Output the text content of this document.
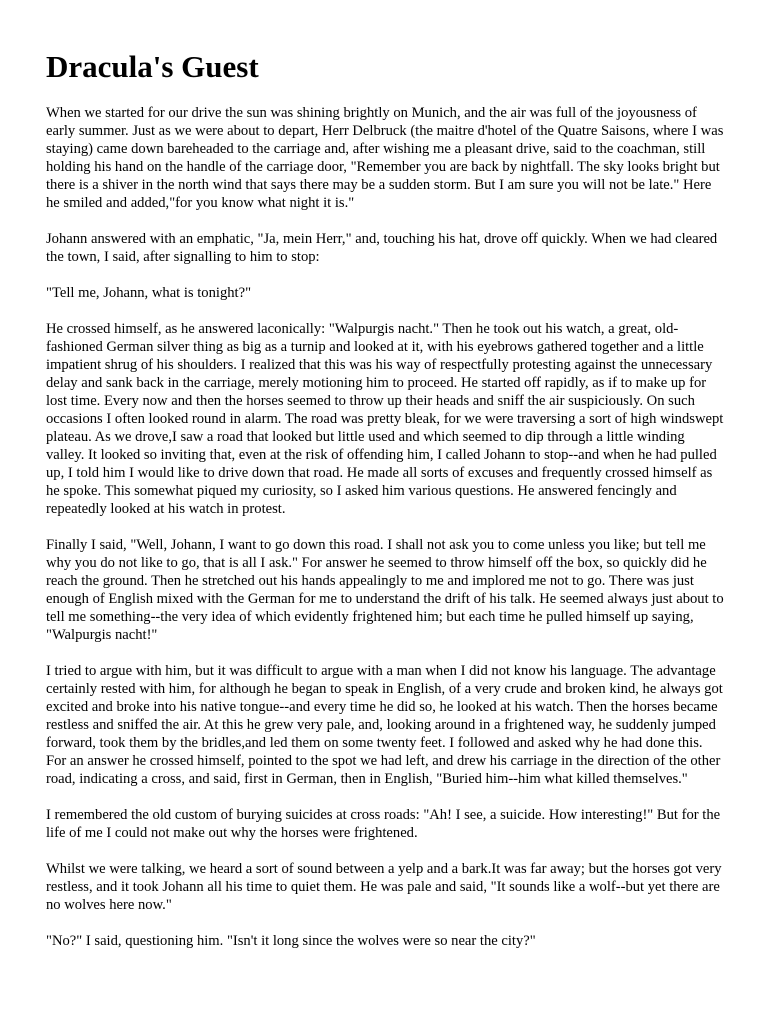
Dracula's Guest

When we started for our drive the sun was shining brightly on Munich, and the air was full of the joyousness of early summer. Just as we were about to depart, Herr Delbruck (the maitre d'hotel of the Quatre Saisons, where I was staying) came down bareheaded to the carriage and, after wishing me a pleasant drive, said to the coachman, still holding his hand on the handle of the carriage door, "Remember you are back by nightfall. The sky looks bright but there is a shiver in the north wind that says there may be a sudden storm. But I am sure you will not be late." Here he smiled and added,"for you know what night it is."

Johann answered with an emphatic, "Ja, mein Herr," and, touching his hat, drove off quickly. When we had cleared the town, I said, after signalling to him to stop:

"Tell me, Johann, what is tonight?"

He crossed himself, as he answered laconically: "Walpurgis nacht." Then he took out his watch, a great, old-fashioned German silver thing as big as a turnip and looked at it, with his eyebrows gathered together and a little impatient shrug of his shoulders. I realized that this was his way of respectfully protesting against the unnecessary delay and sank back in the carriage, merely motioning him to proceed. He started off rapidly, as if to make up for lost time. Every now and then the horses seemed to throw up their heads and sniff the air suspiciously. On such occasions I often looked round in alarm. The road was pretty bleak, for we were traversing a sort of high windswept plateau. As we drove,I saw a road that looked but little used and which seemed to dip through a little winding valley. It looked so inviting that, even at the risk of offending him, I called Johann to stop--and when he had pulled up, I told him I would like to drive down that road. He made all sorts of excuses and frequently crossed himself as he spoke. This somewhat piqued my curiosity, so I asked him various questions. He answered fencingly and repeatedly looked at his watch in protest.

Finally I said, "Well, Johann, I want to go down this road. I shall not ask you to come unless you like; but tell me why you do not like to go, that is all I ask." For answer he seemed to throw himself off the box, so quickly did he reach the ground. Then he stretched out his hands appealingly to me and implored me not to go. There was just enough of English mixed with the German for me to understand the drift of his talk. He seemed always just about to tell me something--the very idea of which evidently frightened him; but each time he pulled himself up saying, "Walpurgis nacht!"

I tried to argue with him, but it was difficult to argue with a man when I did not know his language. The advantage certainly rested with him, for although he began to speak in English, of a very crude and broken kind, he always got excited and broke into his native tongue--and every time he did so, he looked at his watch. Then the horses became restless and sniffed the air. At this he grew very pale, and, looking around in a frightened way, he suddenly jumped forward, took them by the bridles,and led them on some twenty feet. I followed and asked why he had done this. For an answer he crossed himself, pointed to the spot we had left, and drew his carriage in the direction of the other road, indicating a cross, and said, first in German, then in English, "Buried him--him what killed themselves."

I remembered the old custom of burying suicides at cross roads: "Ah! I see, a suicide. How interesting!" But for the life of me I could not make out why the horses were frightened.

Whilst we were talking, we heard a sort of sound between a yelp and a bark.It was far away; but the horses got very restless, and it took Johann all his time to quiet them. He was pale and said, "It sounds like a wolf--but yet there are no wolves here now."

"No?" I said, questioning him. "Isn't it long since the wolves were so near the city?"
